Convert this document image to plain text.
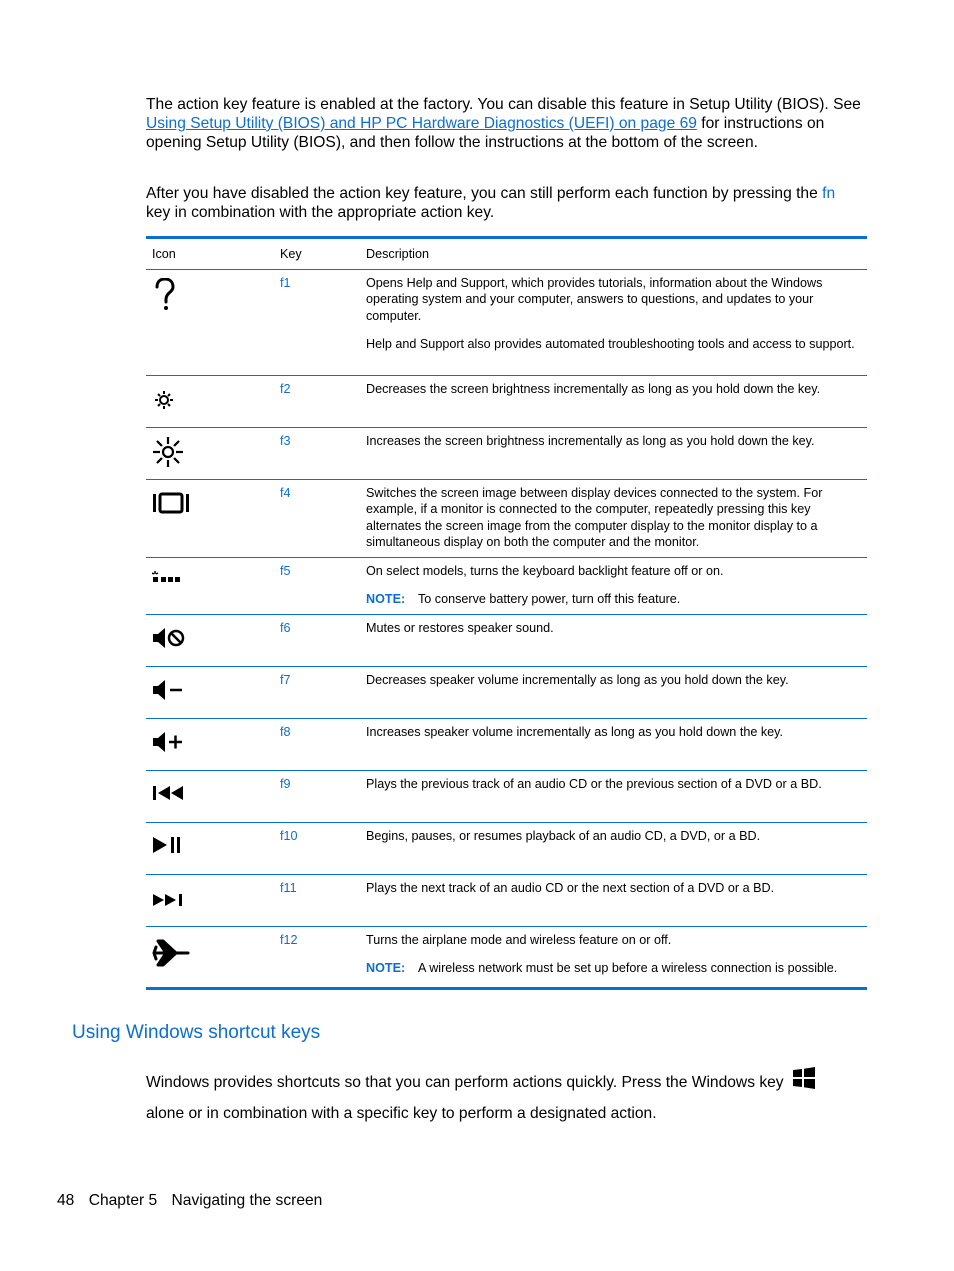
The action key feature is enabled at the factory. You can disable this feature in Setup Utility (BIOS). See Using Setup Utility (BIOS) and HP PC Hardware Diagnostics (UEFI) on page 69 for instructions on opening Setup Utility (BIOS), and then follow the instructions at the bottom of the screen.

After you have disabled the action key feature, you can still perform each function by pressing the fn key in combination with the appropriate action key.

Icon	Key	Description
f1	Opens Help and Support, which provides tutorials, information about the Windows operating system and your computer, answers to questions, and updates to your computer.

Help and Support also provides automated troubleshooting tools and access to support.

f2	Decreases the screen brightness incrementally as long as you hold down the key.

f3	Increases the screen brightness incrementally as long as you hold down the key.

f4	Switches the screen image between display devices connected to the system. For example, if a monitor is connected to the computer, repeatedly pressing this key alternates the screen image from the computer display to the monitor display to a simultaneous display on both the computer and the monitor.

f5	On select models, turns the keyboard backlight feature off or on.

NOTE: To conserve battery power, turn off this feature.

f6	Mutes or restores speaker sound.

f7	Decreases speaker volume incrementally as long as you hold down the key.

f8	Increases speaker volume incrementally as long as you hold down the key.

f9	Plays the previous track of an audio CD or the previous section of a DVD or a BD.

f10	Begins, pauses, or resumes playback of an audio CD, a DVD, or a BD.

f11	Plays the next track of an audio CD or the next section of a DVD or a BD.

f12	Turns the airplane mode and wireless feature on or off.

NOTE: A wireless network must be set up before a wireless connection is possible.

Using Windows shortcut keys

Windows provides shortcuts so that you can perform actions quickly. Press the Windows key
alone or in combination with a specific key to perform a designated action.

48 Chapter 5 Navigating the screen
